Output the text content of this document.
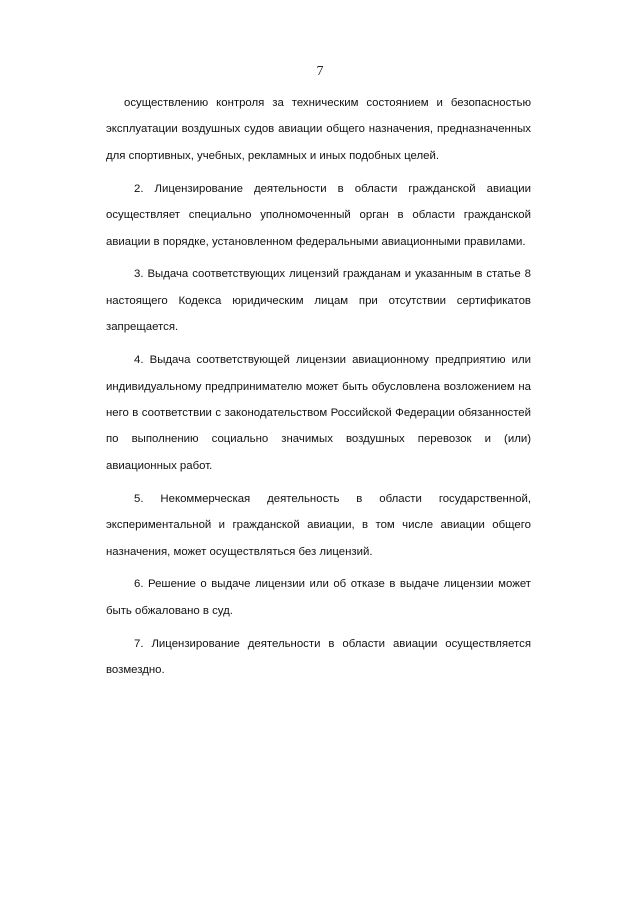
7

осуществлению контроля за техническим состоянием и безопасностью
эксплуатации воздушных судов авиации общего назначения, предназначенных
для спортивных, учебных, рекламных и иных подобных целей.

2. Лицензирование деятельности в области гражданской авиации
осуществляет специально уполномоченный орган в области гражданской
авиации в порядке, установленном федеральными авиационными правилами.

3. Выдача соответствующих лицензий гражданам и указанным в статье 8
настоящего Кодекса юридическим лицам при отсутствии сертификатов
запрещается.

4. Выдача соответствующей лицензии авиационному предприятию или
индивидуальному предпринимателю может быть обусловлена возложением на
него в соответствии с законодательством Российской Федерации обязанностей
по выполнению социально значимых воздушных перевозок и (или)
авиационных работ.

5. Некоммерческая деятельность в области государственной,
экспериментальной и гражданской авиации, в том числе авиации общего
назначения, может осуществляться без лицензий.

6. Решение о выдаче лицензии или об отказе в выдаче лицензии может
быть обжаловано в суд.

7. Лицензирование деятельности в области авиации осуществляется
возмездно.
